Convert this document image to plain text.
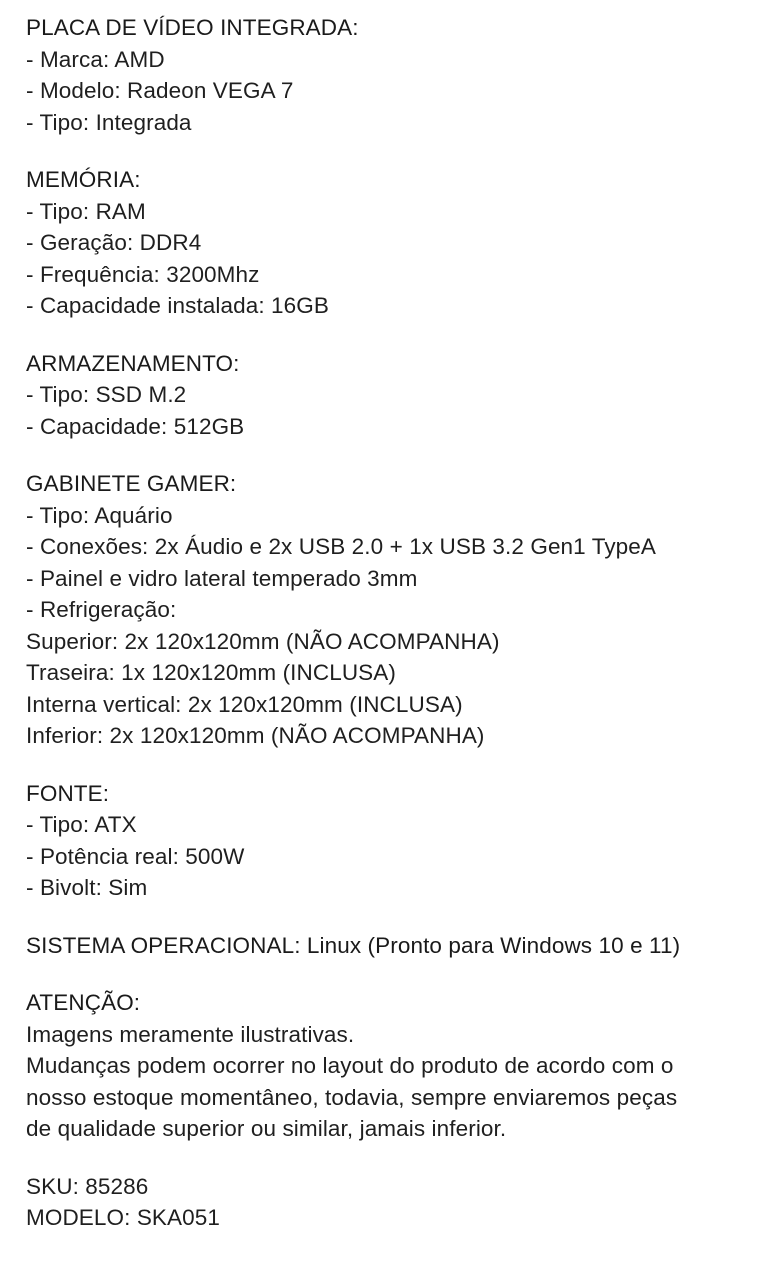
PLACA DE VÍDEO INTEGRADA:
- Marca: AMD
- Modelo: Radeon VEGA 7
- Tipo: Integrada
MEMÓRIA:
- Tipo: RAM
- Geração: DDR4
- Frequência: 3200Mhz
- Capacidade instalada: 16GB
ARMAZENAMENTO:
- Tipo: SSD M.2
- Capacidade: 512GB
GABINETE GAMER:
- Tipo: Aquário
- Conexões: 2x Áudio e 2x USB 2.0 + 1x USB 3.2 Gen1 TypeA
- Painel e vidro lateral temperado 3mm
- Refrigeração:
Superior: 2x 120x120mm (NÃO ACOMPANHA)
Traseira: 1x 120x120mm (INCLUSA)
Interna vertical: 2x 120x120mm (INCLUSA)
Inferior: 2x 120x120mm (NÃO ACOMPANHA)
FONTE:
- Tipo: ATX
- Potência real: 500W
- Bivolt: Sim
SISTEMA OPERACIONAL: Linux (Pronto para Windows 10 e 11)
ATENÇÃO:
Imagens meramente ilustrativas.
Mudanças podem ocorrer no layout do produto de acordo com o
nosso estoque momentâneo, todavia, sempre enviaremos peças
de qualidade superior ou similar, jamais inferior.
SKU: 85286
MODELO: SKA051
